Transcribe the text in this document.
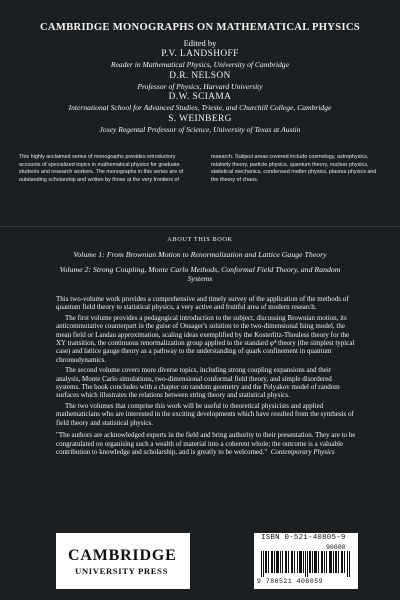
CAMBRIDGE MONOGRAPHS ON MATHEMATICAL PHYSICS
Edited by
P.V. LANDSHOFF
Reader in Mathematical Physics, University of Cambridge
D.R. NELSON
Professor of Physics, Harvard University
D.W. SCIAMA
International School for Advanced Studies, Trieste, and Churchill College, Cambridge
S. WEINBERG
Josey Regental Professor of Science, University of Texas at Austin

This highly acclaimed series of monographs provides introductory accounts of specialized topics in mathematical physics for graduate students and research workers. The monographs in this series are of outstanding scholarship and written by those at the very frontiers of

research. Subject areas covered include cosmology, astrophysics, relativity theory, particle physics, quantum theory, nuclear physics, statistical mechanics, condensed matter physics, plasma physics and the theory of chaos.

ABOUT THIS BOOK
Volume 1: From Brownian Motion to Renormalization and Lattice Gauge Theory
Volume 2: Strong Coupling, Monte Carlo Methods, Conformal Field Theory, and Random Systems

This two-volume work provides a comprehensive and timely survey of the application of the methods of quantum field theory to statistical physics, a very active and fruitful area of modern research.

The first volume provides a pedagogical introduction to the subject, discussing Brownian motion, its anticommutative counterpart in the guise of Onsager's solution to the two-dimensional Ising model, the mean field or Landau approximation, scaling ideas exemplified by the Kosterlitz-Thouless theory for the XY transition, the continuous renormalization group applied to the standard φ⁴ theory (the simplest typical case) and lattice gauge theory as a pathway to the understanding of quark confinement in quantum chromodynamics.

The second volume covers more diverse topics, including strong coupling expansions and their analysis, Monte Carlo simulations, two-dimensional conformal field theory, and simple disordered systems. The book concludes with a chapter on random geometry and the Polyakov model of random surfaces which illustrates the relations between string theory and statistical physics.

The two volumes that comprise this work will be useful to theoretical physicists and applied mathematicians who are interested in the exciting developments which have resulted from the synthesis of field theory and statistical physics.

"The authors are acknowledged experts in the field and bring authority to their presentation. They are to be congratulated on organising such a wealth of material into a coherent whole; the outcome is a valuable contribution to knowledge and scholarship, and is greatly to be welcomed." Contemporary Physics

CAMBRIDGE
UNIVERSITY PRESS
ISBN 0-521-40805-9
90000
9 780521 408059
